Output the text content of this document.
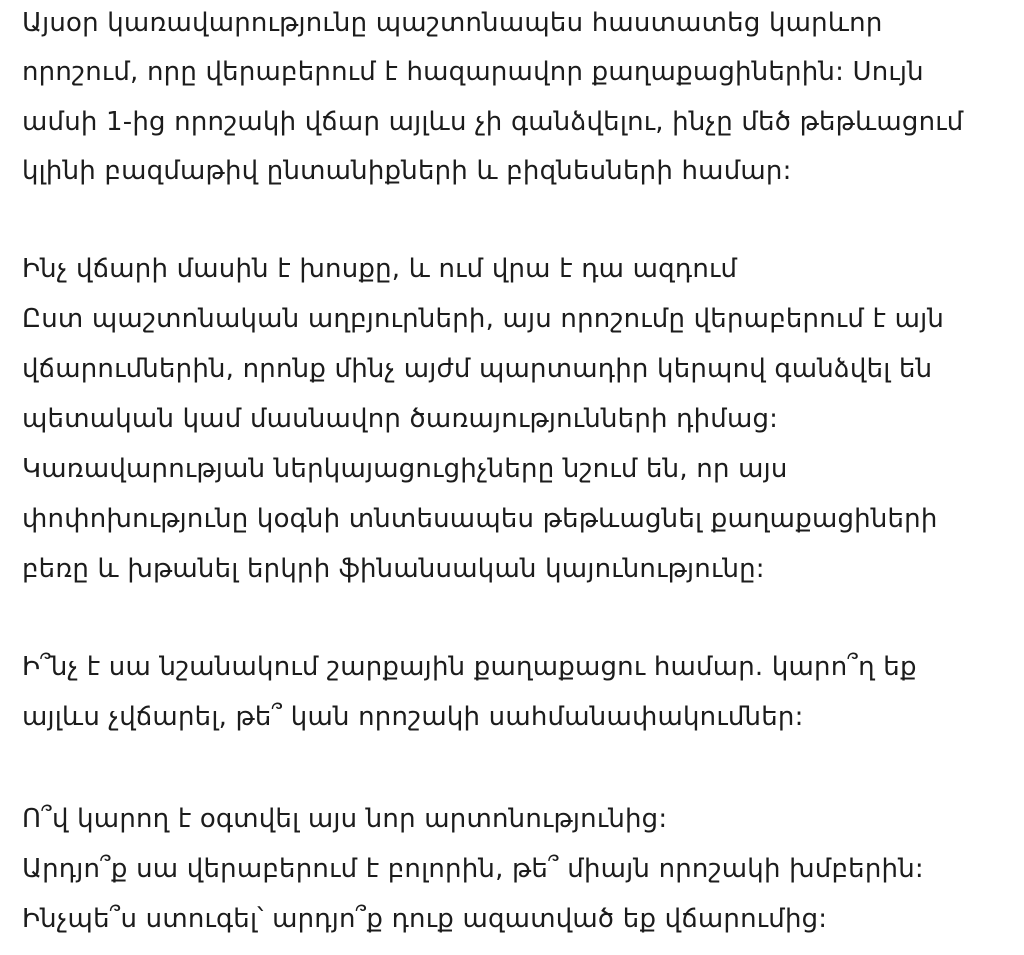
Այսօր կառավարությունը պաշտոնապես հաստատեց կարևոր
որոշում, որը վերաբերում է հազարավոր քաղաքացիներին: Սույն
ամսի 1-ից որոշակի վճար այլևս չի գանձվելու, ինչը մեծ թեթևացում
կլինի բազմաթիվ ընտանիքների և բիզնեսների համար:
Ինչ վճարի մասին է խոսքը, և ում վրա է դա ազդում
Ըստ պաշտոնական աղբյուրների, այս որոշումը վերաբերում է այն
վճարումներին, որոնք մինչ այժմ պարտադիր կերպով գանձվել են
պետական կամ մասնավոր ծառայությունների դիմաց:
Կառավարության ներկայացուցիչները նշում են, որ այս
փոփոխությունը կօգնի տնտեսապես թեթևացնել քաղաքացիների
բեռը և խթանել երկրի ֆինանսական կայունությունը:
Ի՞նչ է սա նշանակում շարքային քաղաքացու համար. կարո՞ղ եք
այլևս չվճարել, թե՞ կան որոշակի սահմանափակումներ:
Ո՞վ կարող է օգտվել այս նոր արտոնությունից:
Արդյո՞ք սա վերաբերում է բոլորին, թե՞ միայն որոշակի խմբերին:
Ինչպե՞ս ստուգել՝ արդյո՞ք դուք ազատված եք վճարումից:
